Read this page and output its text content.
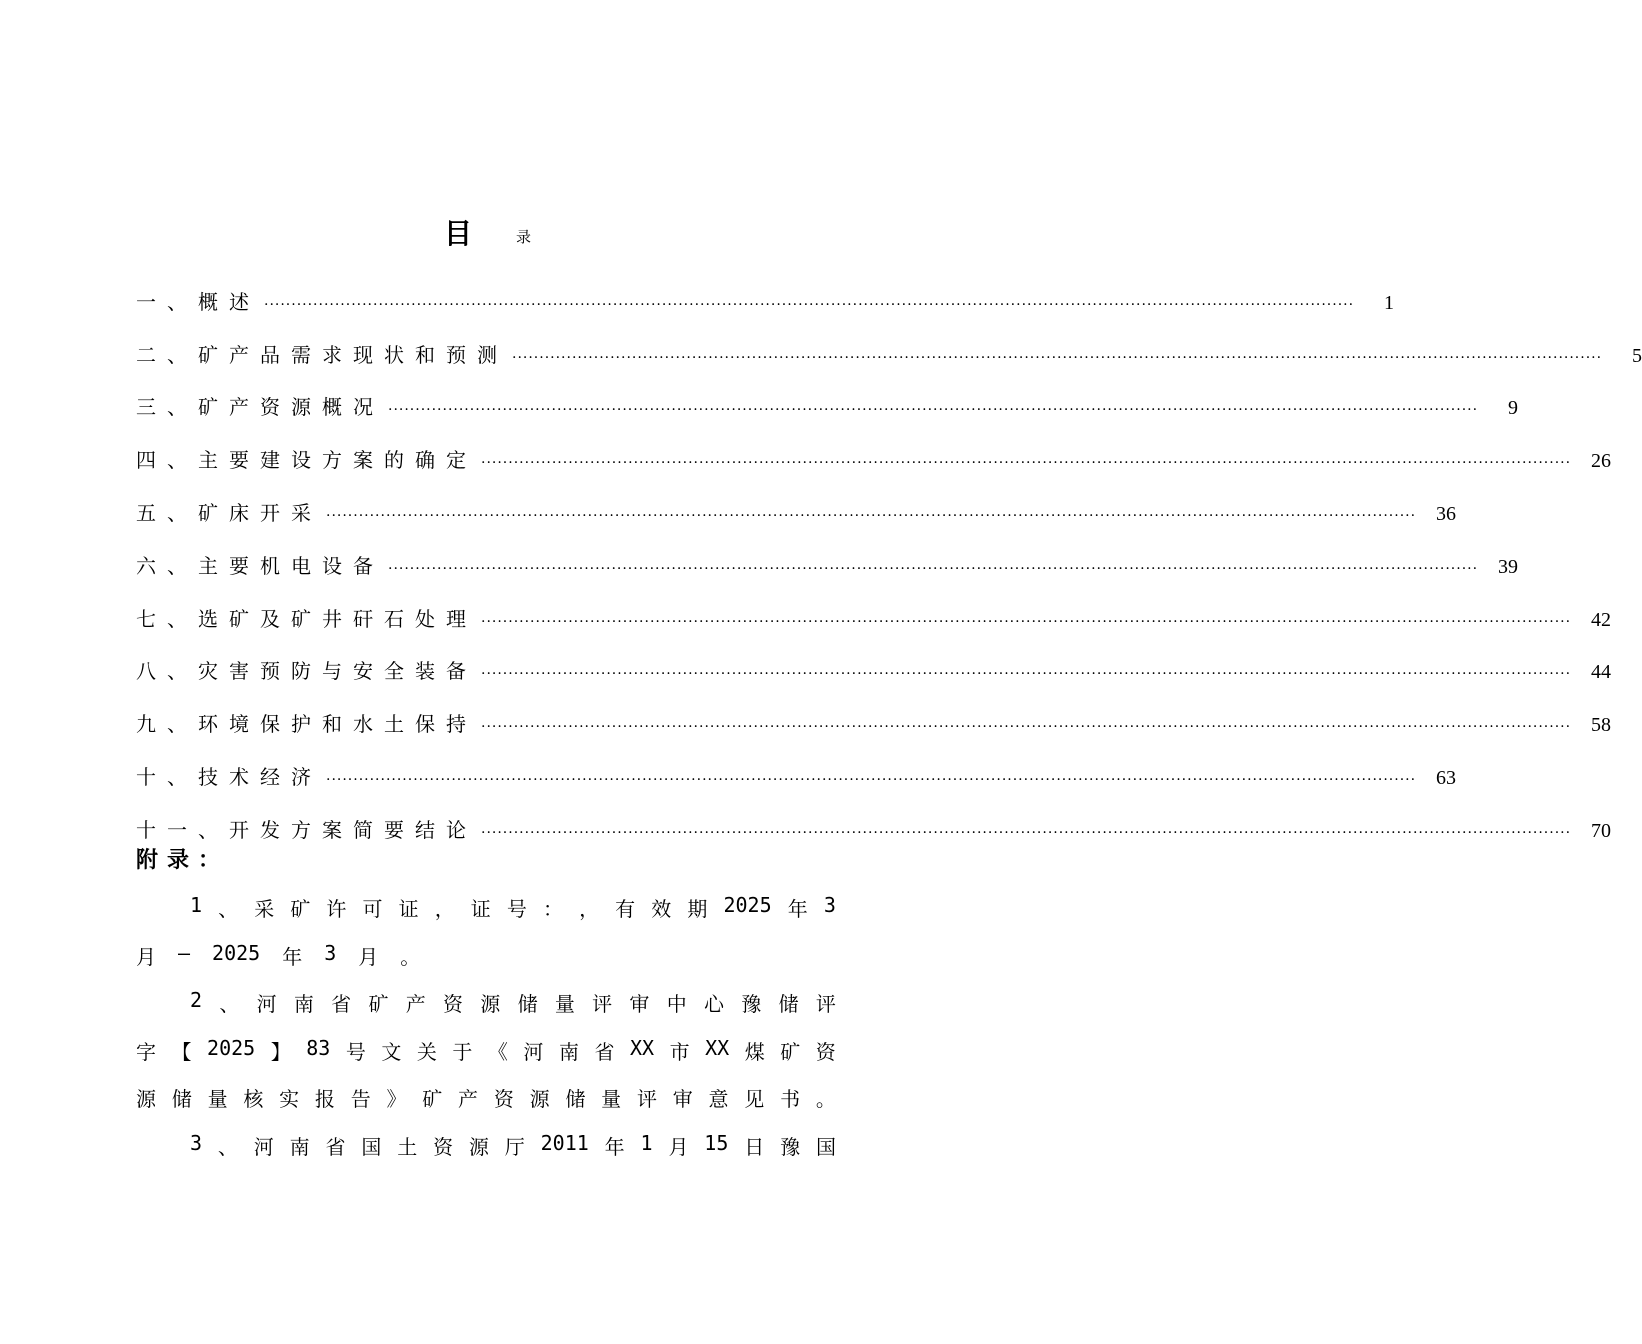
目	录
一、概述 ........................................................................................................................................................................................................	1
二、矿产品需求现状和预测 ........................................................................................................................................................................................................	5
三、矿产资源概况 ........................................................................................................................................................................................................	9
四、主要建设方案的确定 ........................................................................................................................................................................................................ 26
五、矿床开采 ........................................................................................................................................................................................................ 36
六、主要机电设备 ........................................................................................................................................................................................................ 39
七、选矿及矿井矸石处理 ........................................................................................................................................................................................................ 42
八、灾害预防与安全装备 ........................................................................................................................................................................................................ 44
九、环境保护和水土保持 ........................................................................................................................................................................................................ 58
十、技术经济 ........................................................................................................................................................................................................ 63
十一、开发方案简要结论 ........................................................................................................................................................................................................ 70
附录：
1 、 采 矿 许 可 证 ， 证 号 ： ， 有 效 期 2025 年 3
月 — 2025 年 3 月 。
2 、 河 南 省 矿 产 资 源 储 量 评 审 中 心 豫 储 评
字 【 2025 】 83 号 文 关 于 《 河 南 省 XX 市 XX 煤 矿 资
源 储 量 核 实 报 告 》 矿 产 资 源 储 量 评 审 意 见 书 。
3 、 河 南 省 国 土 资 源 厅 2011 年 1 月 15 日 豫 国
